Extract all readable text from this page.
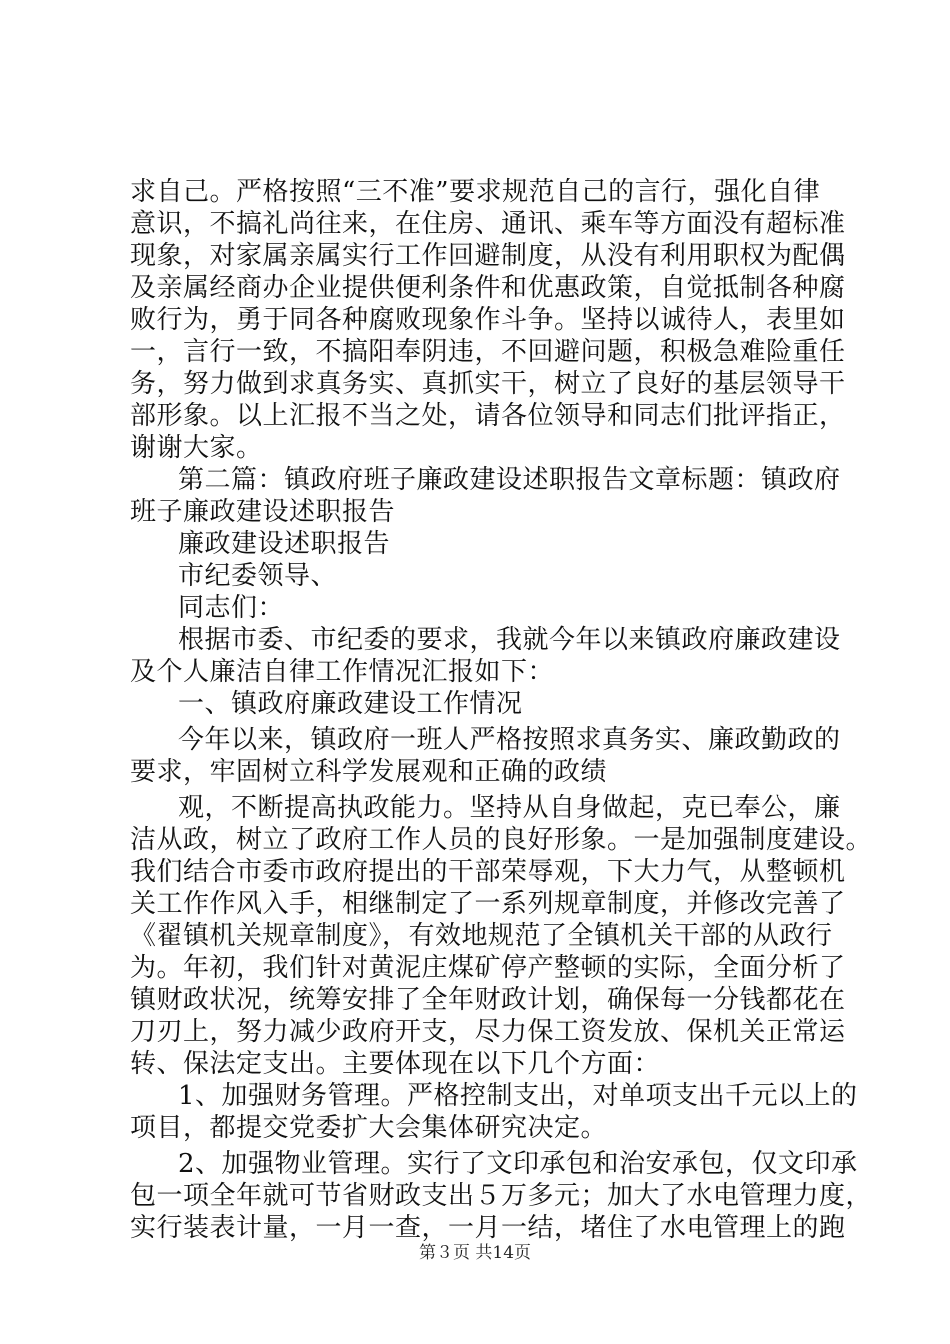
求自己。严格按照“三不准”要求规范自己的言行，强化自律
意识，不搞礼尚往来，在住房、通讯、乘车等方面没有超标准
现象，对家属亲属实行工作回避制度，从没有利用职权为配偶
及亲属经商办企业提供便利条件和优惠政策，自觉抵制各种腐
败行为，勇于同各种腐败现象作斗争。坚持以诚待人，表里如
一，言行一致，不搞阳奉阴违，不回避问题，积极急难险重任
务，努力做到求真务实、真抓实干，树立了良好的基层领导干
部形象。以上汇报不当之处，请各位领导和同志们批评指正，
谢谢大家。
第二篇：镇政府班子廉政建设述职报告文章标题：镇政府
班子廉政建设述职报告
廉政建设述职报告
市纪委领导、
同志们：
根据市委、市纪委的要求，我就今年以来镇政府廉政建设
及个人廉洁自律工作情况汇报如下：
一、镇政府廉政建设工作情况
今年以来，镇政府一班人严格按照求真务实、廉政勤政的
要求，牢固树立科学发展观和正确的政绩
观，不断提高执政能力。坚持从自身做起，克已奉公，廉
洁从政，树立了政府工作人员的良好形象。一是加强制度建设。
我们结合市委市政府提出的干部荣辱观，下大力气，从整顿机
关工作作风入手，相继制定了一系列规章制度，并修改完善了
《翟镇机关规章制度》，有效地规范了全镇机关干部的从政行
为。年初，我们针对黄泥庄煤矿停产整顿的实际，全面分析了
镇财政状况，统筹安排了全年财政计划，确保每一分钱都花在
刀刃上，努力减少政府开支，尽力保工资发放、保机关正常运
转、保法定支出。主要体现在以下几个方面：
1、加强财务管理。严格控制支出，对单项支出千元以上的
项目，都提交党委扩大会集体研究决定。
2、加强物业管理。实行了文印承包和治安承包，仅文印承
包一项全年就可节省财政支出５万多元；加大了水电管理力度，
实行装表计量，一月一查，一月一结，堵住了水电管理上的跑
第３页 共14页
